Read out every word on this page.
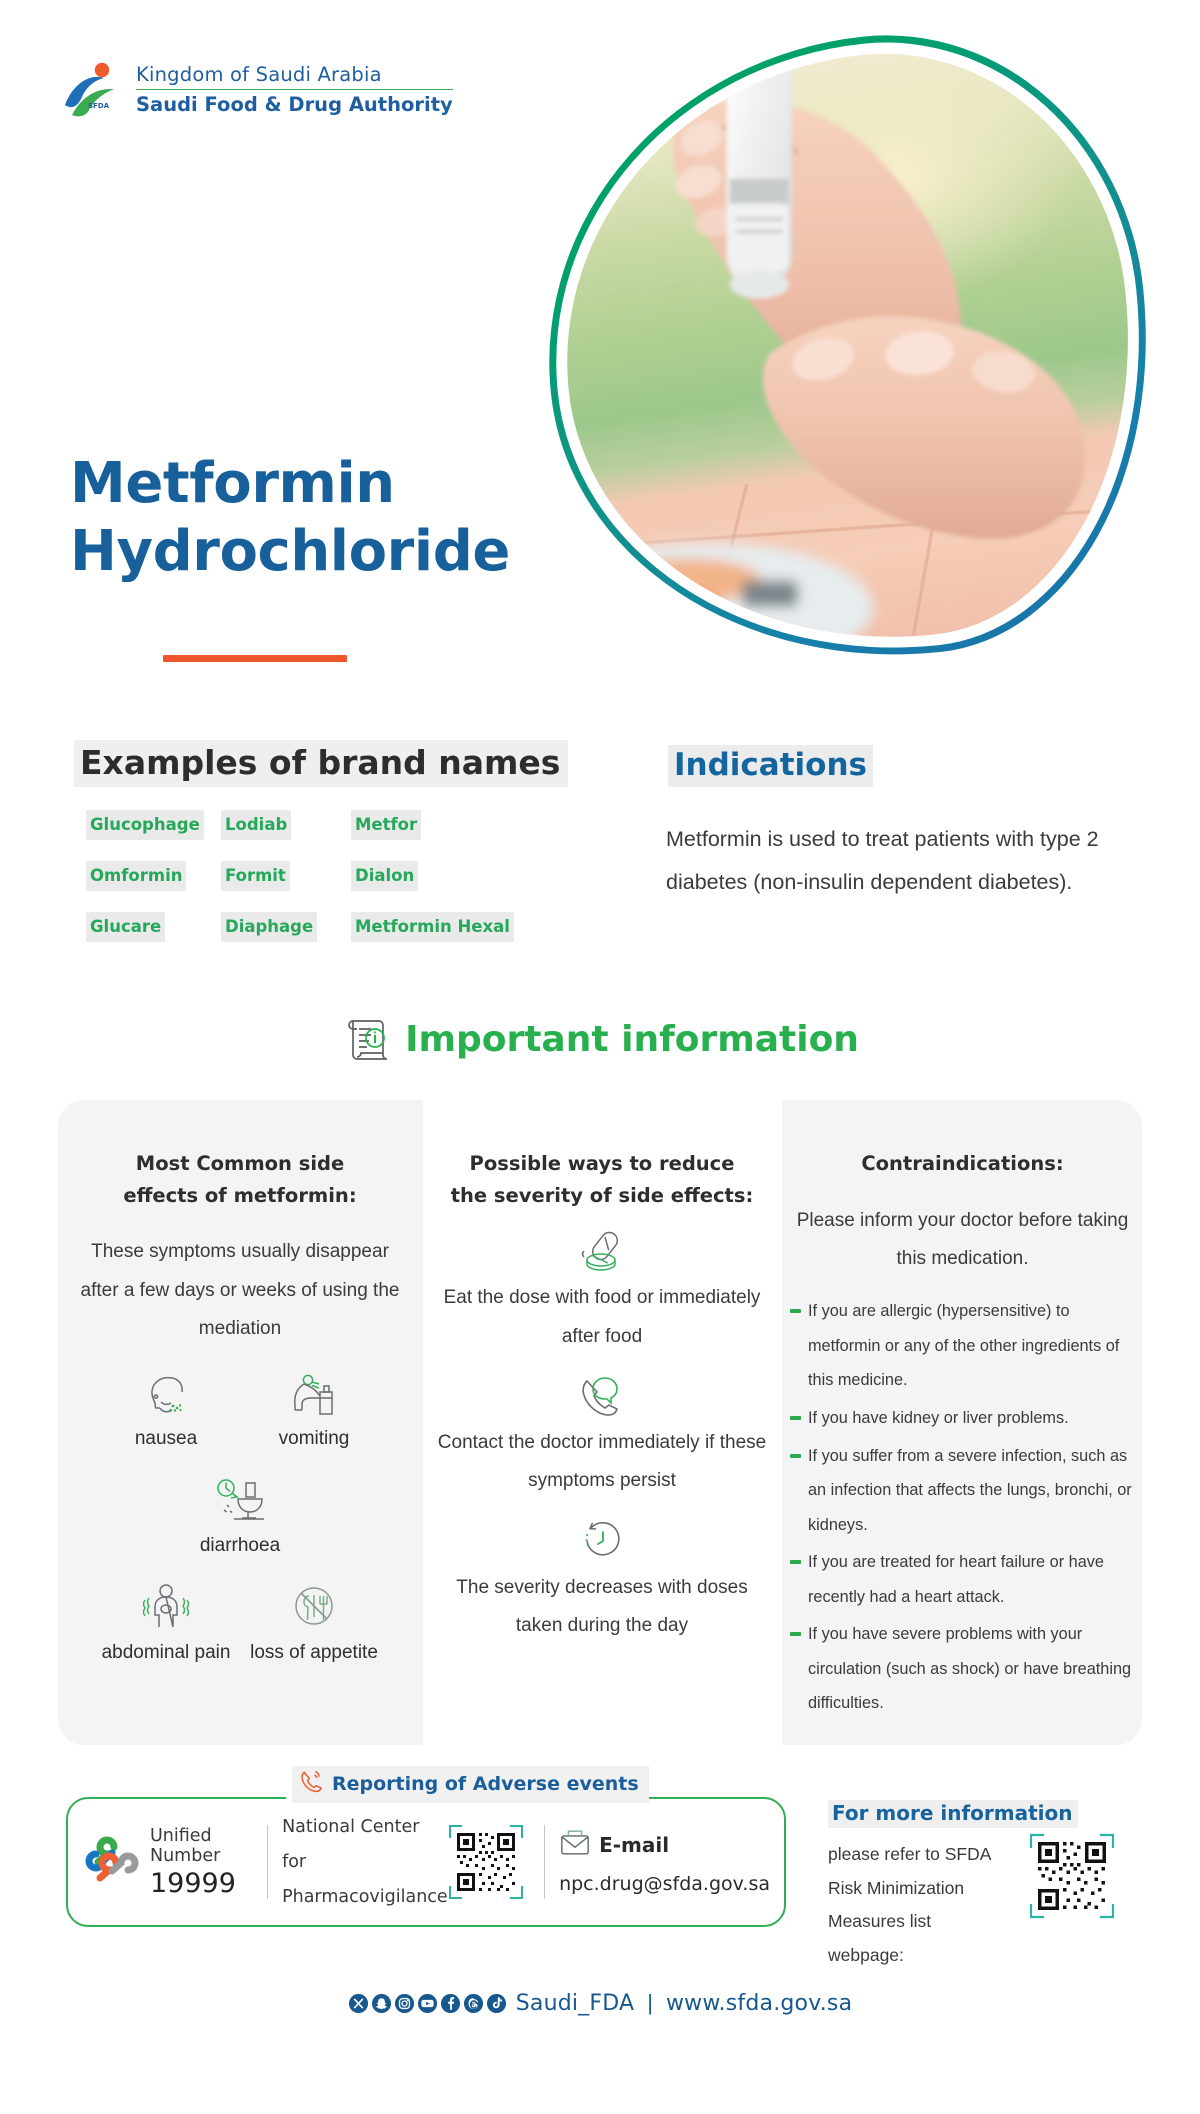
SFDA
Kingdom of Saudi Arabia
Saudi Food & Drug Authority
Metformin
Hydrochloride
Examples of brand names
Glucophage	Lodiab	Metfor
Omformin	Formit	Dialon
Glucare	Diaphage	Metformin Hexal
Indications
Metformin is used to treat patients with type 2 diabetes (non-insulin dependent diabetes).
Important information
Most Common side
effects of metformin:
These symptoms usually disappear after a few days or weeks of using the mediation
nausea	vomiting
diarrhoea
abdominal pain	loss of appetite
Possible ways to reduce
the severity of side effects:
Eat the dose with food or immediately after food
Contact the doctor immediately if these symptoms persist
The severity decreases with doses taken during the day
Contraindications:
Please inform your doctor before taking this medication.
If you are allergic (hypersensitive) to metformin or any of the other ingredients of this medicine.
If you have kidney or liver problems.
If you suffer from a severe infection, such as an infection that affects the lungs, bronchi, or kidneys.
If you are treated for heart failure or have recently had a heart attack.
If you have severe problems with your circulation (such as shock) or have breathing difficulties.
Reporting of Adverse events
Unified Number
19999
National Center for
Pharmacovigilance
E-mail
npc.drug@sfda.gov.sa
For more information
please refer to SFDA
Risk Minimization
Measures list webpage:
Saudi_FDA | www.sfda.gov.sa
